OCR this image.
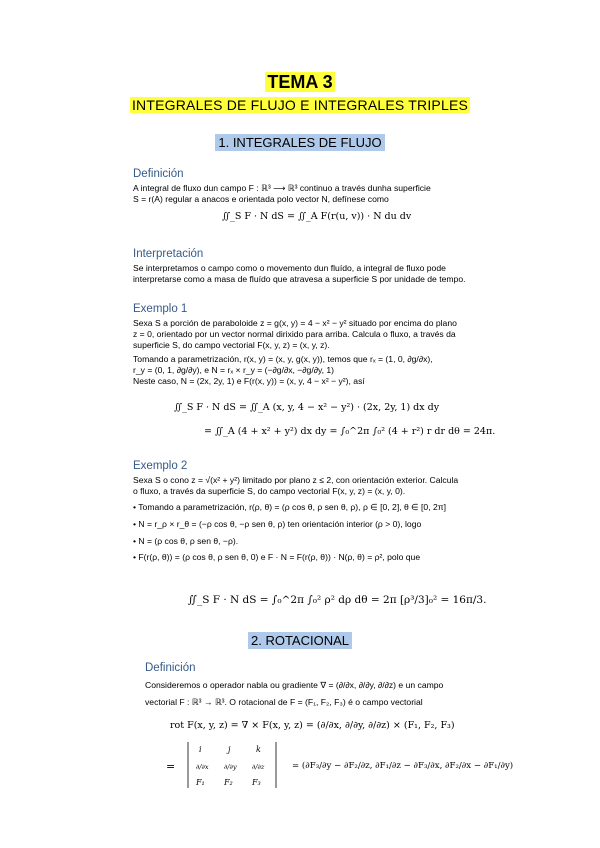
TEMA 3
INTEGRALES DE FLUJO E INTEGRALES TRIPLES
1. INTEGRALES DE FLUJO
Definición
A integral de fluxo dun campo F : ℝ³ ⟶ ℝ³ continuo a través dunha superficie
S = r(A) regular a anacos e orientada polo vector N, defínese como
∬_S F · N dS = ∬_A F(r(u, v)) · N du dv
Interpretación
Se interpretamos o campo como o movemento dun fluído, a integral de fluxo pode
interpretarse como a masa de fluído que atravesa a superficie S por unidade de tempo.
Exemplo 1
Sexa S a porción de paraboloide z = g(x, y) = 4 − x² − y² situado por encima do plano
z = 0, orientado por un vector normal dirixido para arriba. Calcula o fluxo, a través da
superficie S, do campo vectorial F(x, y, z) = (x, y, z).
Tomando a parametrización, r(x, y) = (x, y, g(x, y)), temos que rₓ = (1, 0, ∂g/∂x),
r_y = (0, 1, ∂g/∂y), e N = rₓ × r_y = (−∂g/∂x, −∂g/∂y, 1)
Neste caso, N = (2x, 2y, 1) e F(r(x, y)) = (x, y, 4 − x² − y²), así
∬_S F · N dS = ∬_A (x, y, 4 − x² − y²) · (2x, 2y, 1) dx dy
= ∬_A (4 + x² + y²) dx dy = ∫₀^2π ∫₀² (4 + r²) r dr dθ = 24π.
Exemplo 2
Sexa S o cono z = √(x² + y²) limitado por plano z ≤ 2, con orientación exterior. Calcula
o fluxo, a través da superficie S, do campo vectorial F(x, y, z) = (x, y, 0).
• Tomando a parametrización, r(ρ, θ) = (ρ cos θ, ρ sen θ, ρ), ρ ∈ [0, 2], θ ∈ [0, 2π]
• N = r_ρ × r_θ = (−ρ cos θ, −ρ sen θ, ρ) ten orientación interior (ρ > 0), logo
• N = (ρ cos θ, ρ sen θ, −ρ).
• F(r(ρ, θ)) = (ρ cos θ, ρ sen θ, 0) e F · N = F(r(ρ, θ)) · N(ρ, θ) = ρ², polo que
∬_S F · N dS = ∫₀^2π ∫₀² ρ² dρ dθ = 2π [ρ³/3]₀² = 16π/3.
2. ROTACIONAL
Definición
Consideremos o operador nabla ou gradiente ∇ = (∂/∂x, ∂/∂y, ∂/∂z) e un campo
vectorial F : ℝ³ → ℝ³. O rotacional de F = (F₁, F₂, F₃) é o campo vectorial
rot F(x, y, z) = ∇ × F(x, y, z) = (∂/∂x, ∂/∂y, ∂/∂z) × (F₁, F₂, F₃)
=
i	j	k
∂/∂x ∂/∂y ∂/∂z
F₁ F₂ F₃
= (∂F₃/∂y − ∂F₂/∂z, ∂F₁/∂z − ∂F₃/∂x, ∂F₂/∂x − ∂F₁/∂y)
